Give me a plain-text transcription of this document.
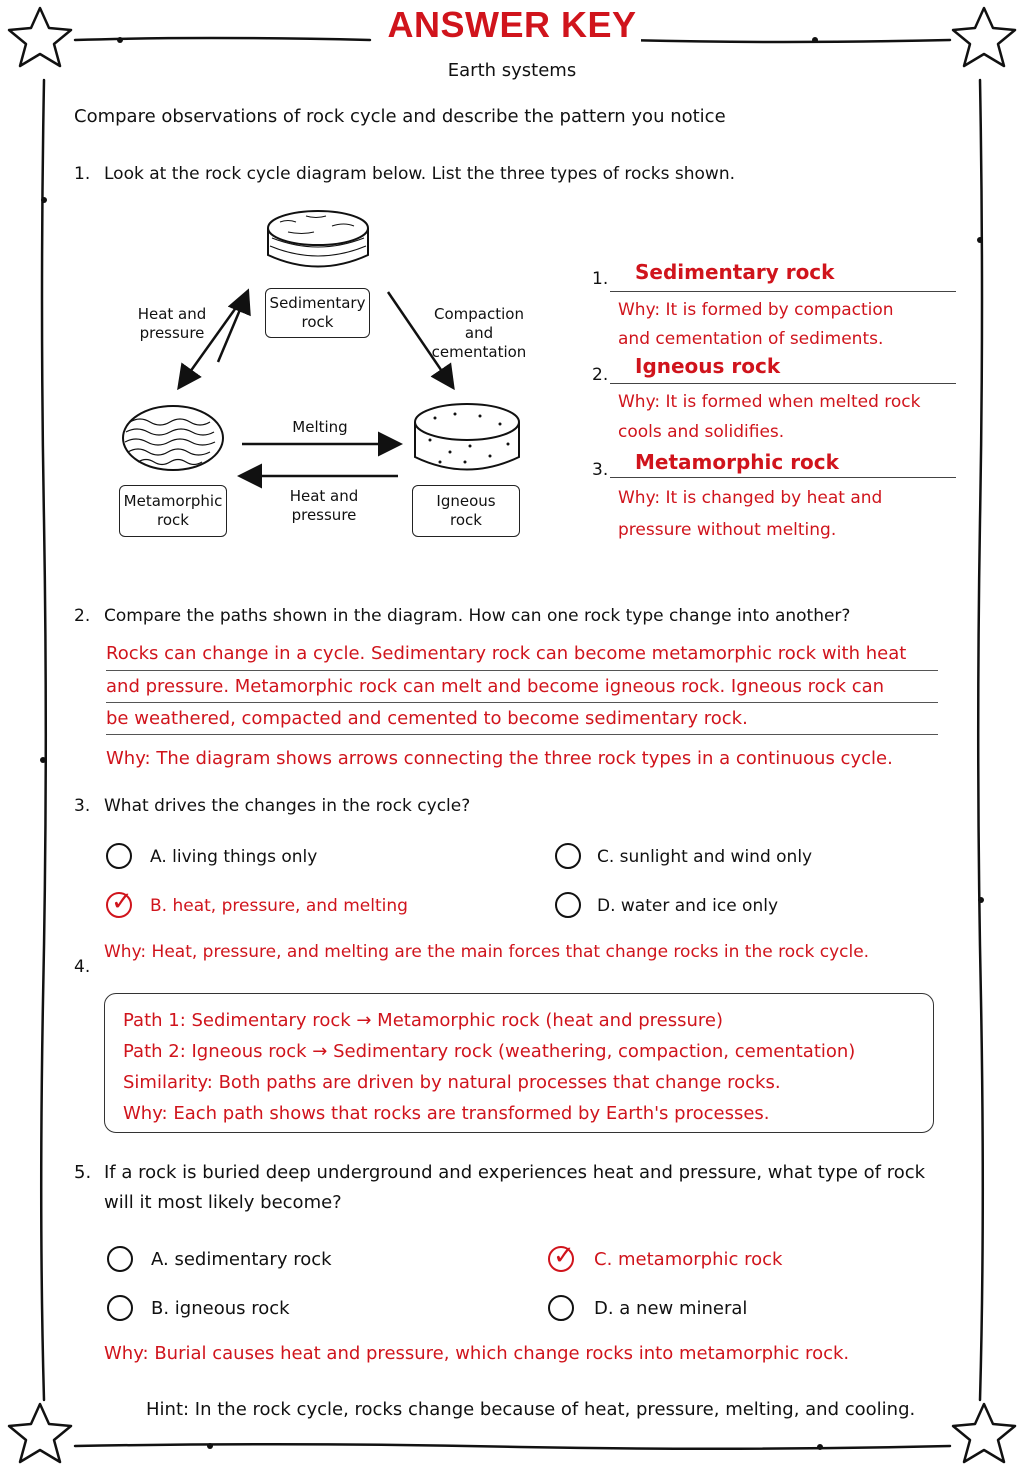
ANSWER KEY
Earth systems
Compare observations of rock cycle and describe the pattern you notice
1. Look at the rock cycle diagram below. List the three types of rocks shown.
Sedimentary
rock
Metamorphic
rock
Igneous
rock
Heat and
pressure
Compaction
and cementation
Melting
Heat and
pressure
1. Sedimentary rock
Why: It is formed by compaction
and cementation of sediments.
2. Igneous rock
Why: It is formed when melted rock
cools and solidifies.
3. Metamorphic rock
Why: It is changed by heat and
pressure without melting.
2. Compare the paths shown in the diagram. How can one rock type change into another?
Rocks can change in a cycle. Sedimentary rock can become metamorphic rock with heat
and pressure. Metamorphic rock can melt and become igneous rock. Igneous rock can
be weathered, compacted and cemented to become sedimentary rock.
Why: The diagram shows arrows connecting the three rock types in a continuous cycle.
3. What drives the changes in the rock cycle?
A. living things only
✓ B. heat, pressure, and melting
C. sunlight and wind only
D. water and ice only
Why: Heat, pressure, and melting are the main forces that change rocks in the rock cycle.
4.
Path 1: Sedimentary rock → Metamorphic rock (heat and pressure)
Path 2: Igneous rock → Sedimentary rock (weathering, compaction, cementation)
Similarity: Both paths are driven by natural processes that change rocks.
Why: Each path shows that rocks are transformed by Earth's processes.
5. If a rock is buried deep underground and experiences heat and pressure, what type of rock
will it most likely become?
A. sedimentary rock
B. igneous rock
✓ C. metamorphic rock
D. a new mineral
Why: Burial causes heat and pressure, which change rocks into metamorphic rock.
Hint: In the rock cycle, rocks change because of heat, pressure, melting, and cooling.
